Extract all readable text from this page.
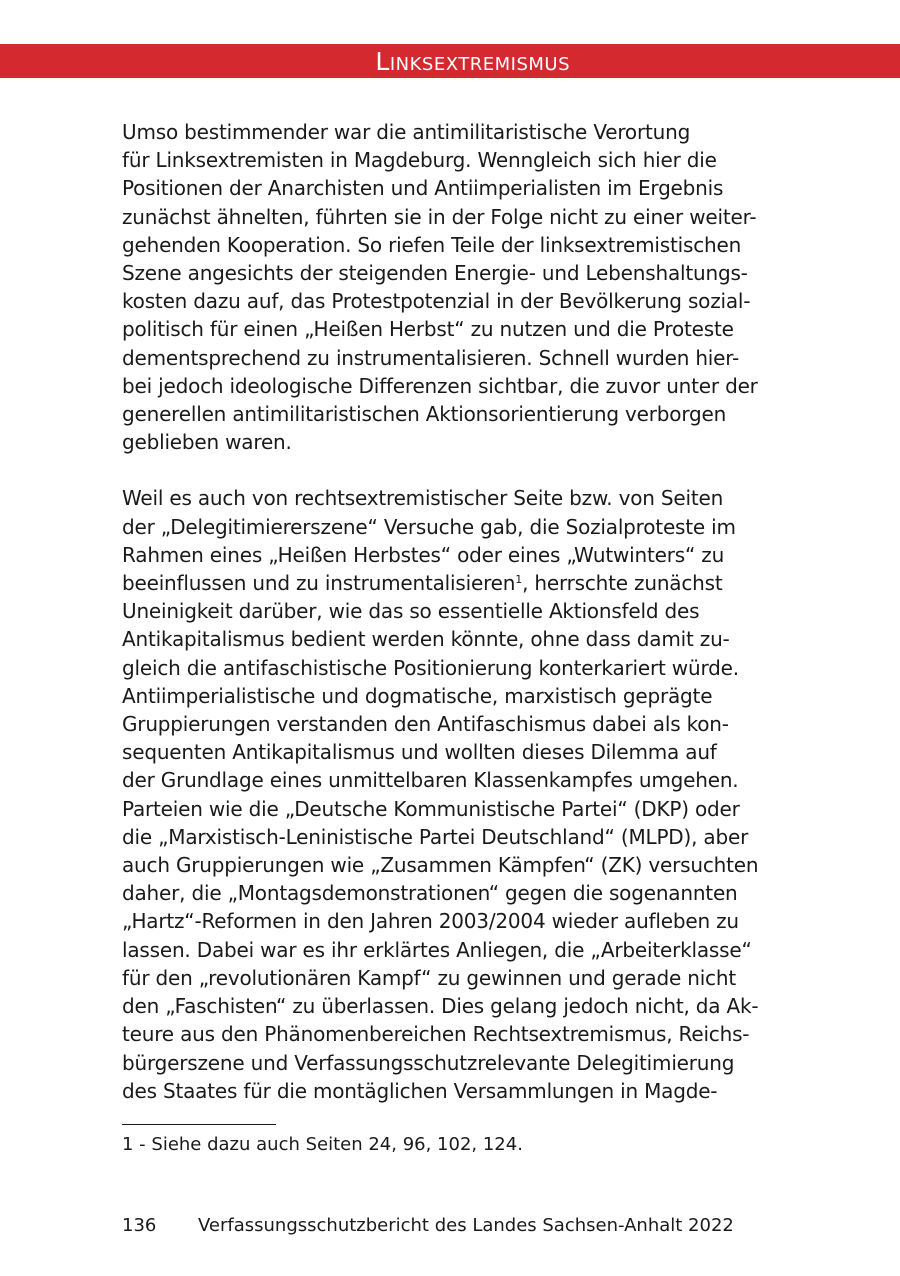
Linksextremismus

Umso bestimmender war die antimilitaristische Verortung
für Linksextremisten in Magdeburg. Wenngleich sich hier die
Positionen der Anarchisten und Antiimperialisten im Ergebnis
zunächst ähnelten, führten sie in der Folge nicht zu einer weiter-
gehenden Kooperation. So riefen Teile der linksextremistischen
Szene angesichts der steigenden Energie- und Lebenshaltungs-
kosten dazu auf, das Protestpotenzial in der Bevölkerung sozial-
politisch für einen „Heißen Herbst“ zu nutzen und die Proteste
dementsprechend zu instrumentalisieren. Schnell wurden hier-
bei jedoch ideologische Differenzen sichtbar, die zuvor unter der
generellen antimilitaristischen Aktionsorientierung verborgen
geblieben waren.

Weil es auch von rechtsextremistischer Seite bzw. von Seiten
der „Delegitimiererszene“ Versuche gab, die Sozialproteste im
Rahmen eines „Heißen Herbstes“ oder eines „Wutwinters“ zu
beeinflussen und zu instrumentalisieren$^1$, herrschte zunächst
Uneinigkeit darüber, wie das so essentielle Aktionsfeld des
Antikapitalismus bedient werden könnte, ohne dass damit zu-
gleich die antifaschistische Positionierung konterkariert würde.
Antiimperialistische und dogmatische, marxistisch geprägte
Gruppierungen verstanden den Antifaschismus dabei als kon-
sequenten Antikapitalismus und wollten dieses Dilemma auf
der Grundlage eines unmittelbaren Klassenkampfes umgehen.
Parteien wie die „Deutsche Kommunistische Partei“ (DKP) oder
die „Marxistisch-Leninistische Partei Deutschland“ (MLPD), aber
auch Gruppierungen wie „Zusammen Kämpfen“ (ZK) versuchten
daher, die „Montagsdemonstrationen“ gegen die sogenannten
„Hartz“-Reformen in den Jahren 2003/2004 wieder aufleben zu
lassen. Dabei war es ihr erklärtes Anliegen, die „Arbeiterklasse“
für den „revolutionären Kampf“ zu gewinnen und gerade nicht
den „Faschisten“ zu überlassen. Dies gelang jedoch nicht, da Ak-
teure aus den Phänomenbereichen Rechtsextremismus, Reichs-
bürgerszene und Verfassungsschutzrelevante Delegitimierung
des Staates für die montäglichen Versammlungen in Magde-

1 - Siehe dazu auch Seiten 24, 96, 102, 124.
136 Verfassungsschutzbericht des Landes Sachsen-Anhalt 2022
